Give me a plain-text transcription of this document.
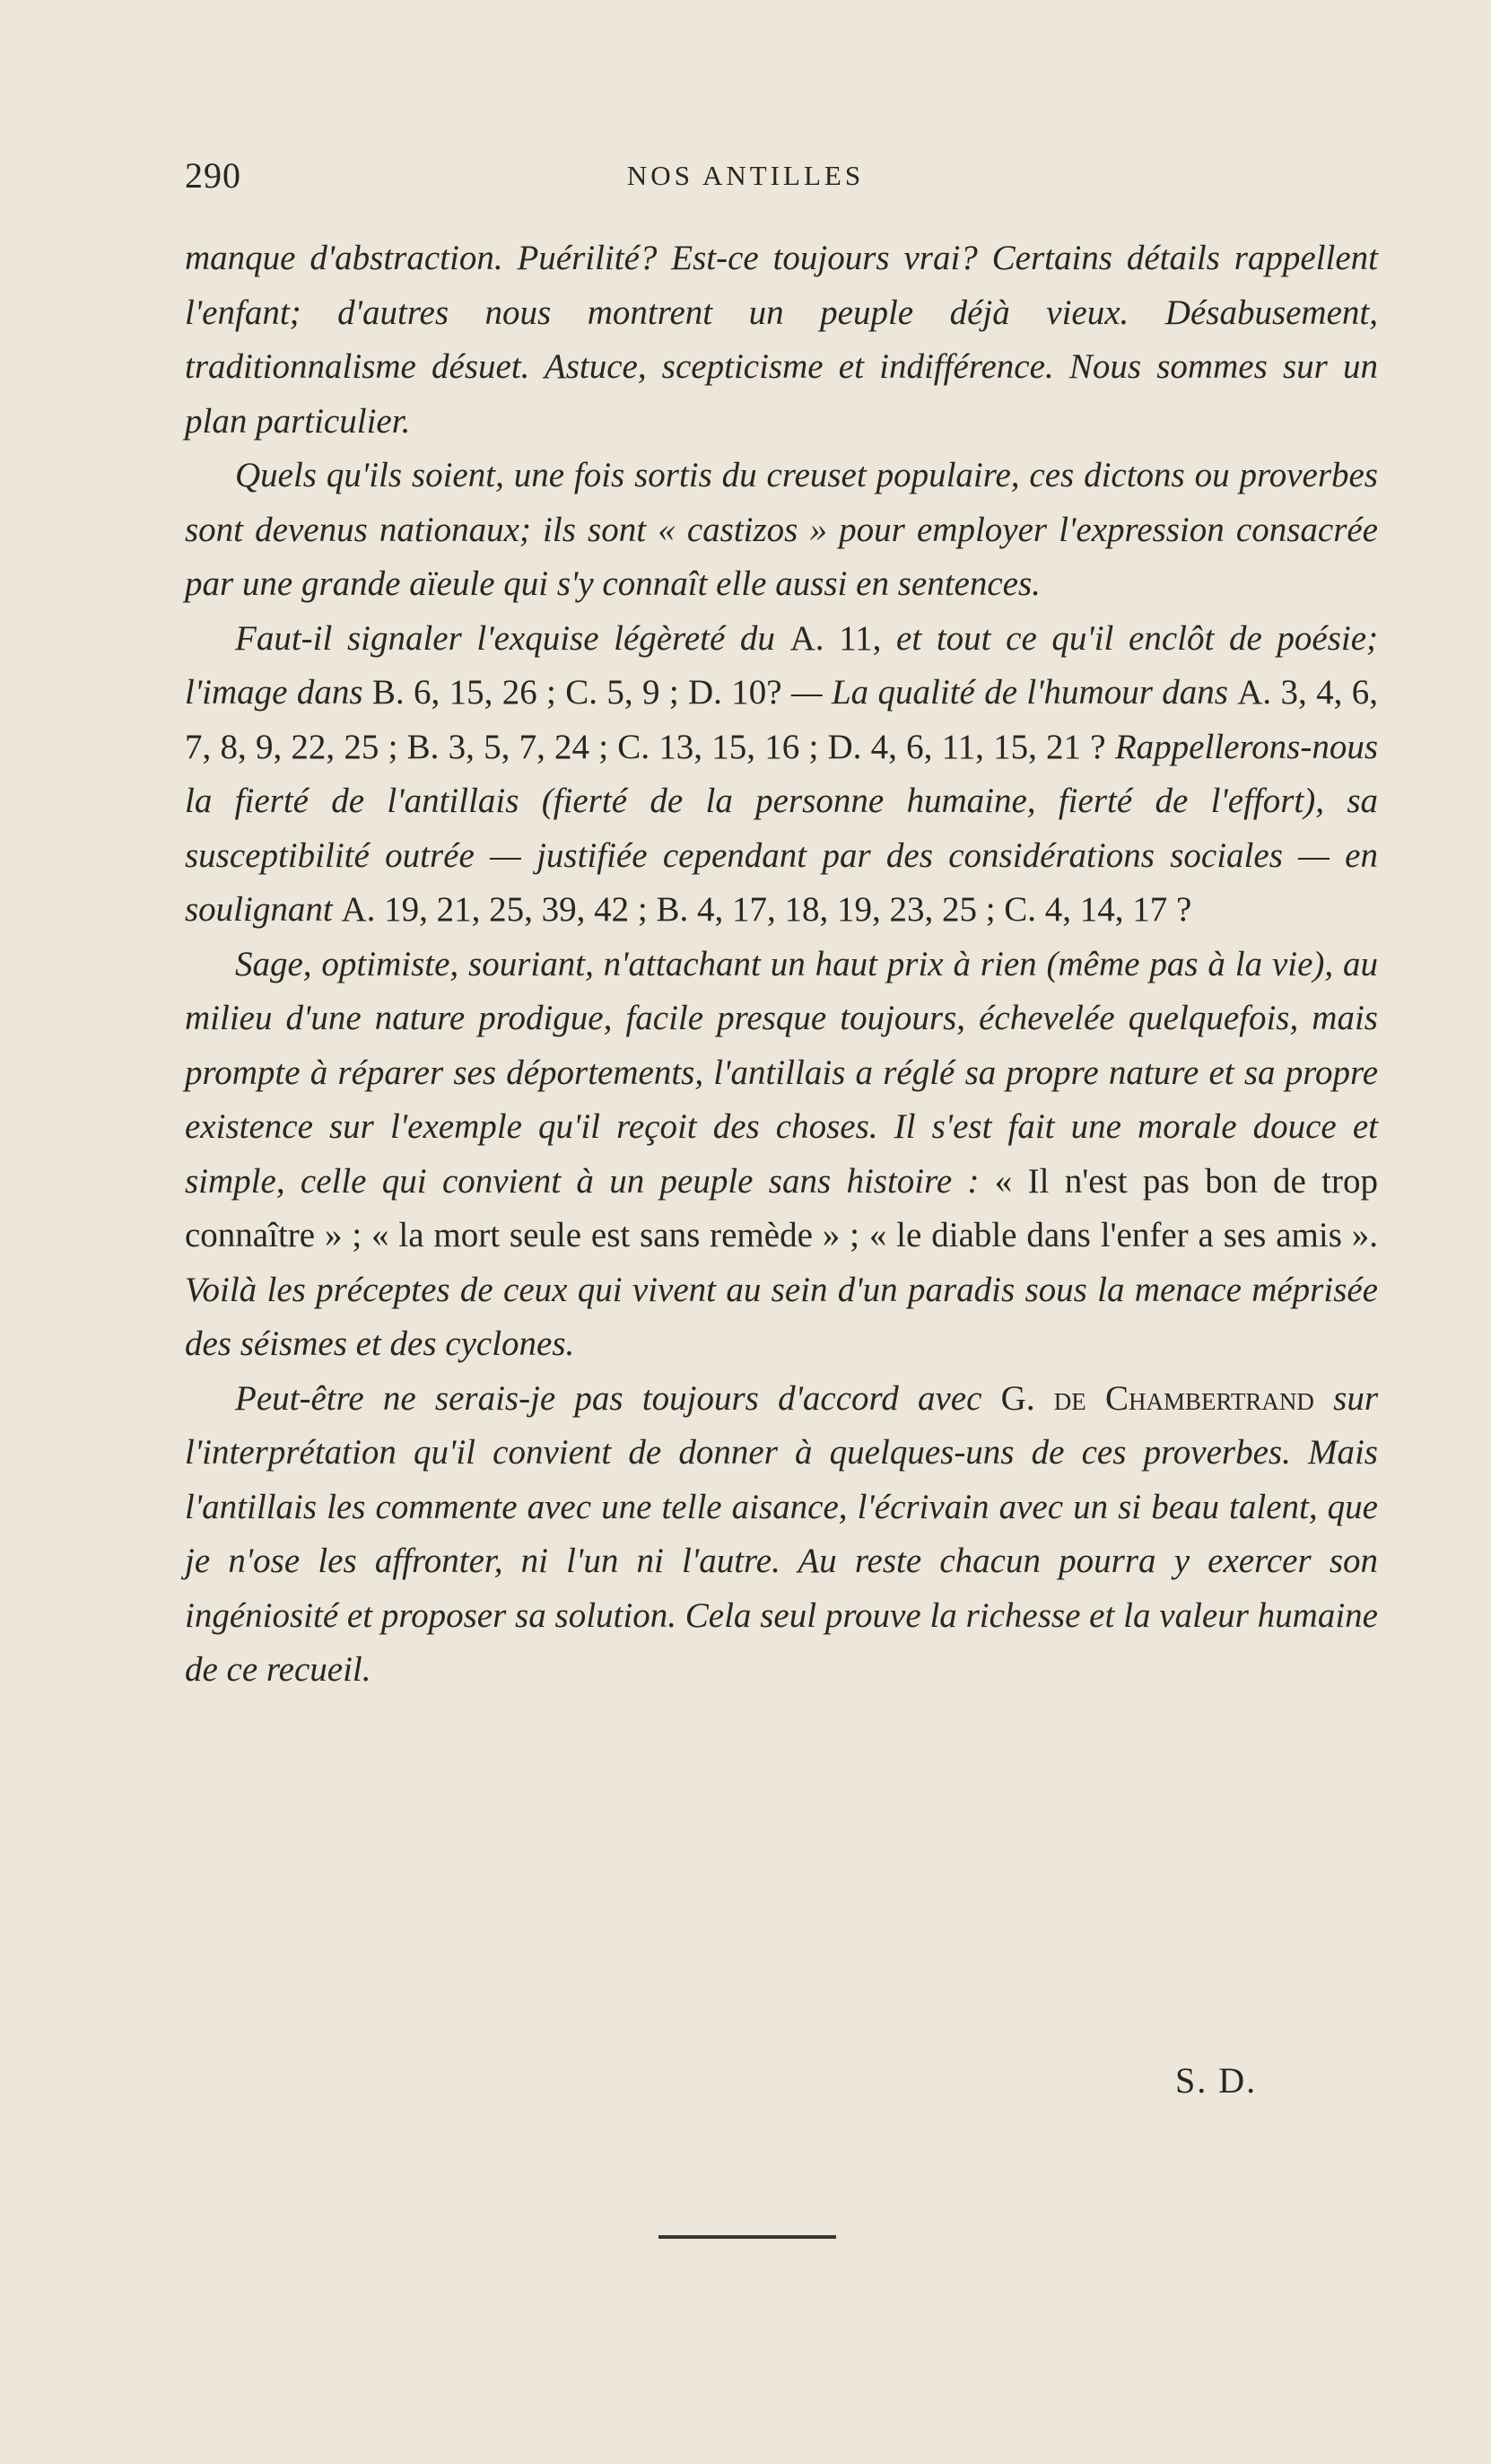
290	NOS ANTILLES

manque d'abstraction. Puérilité? Est-ce toujours vrai? Certains détails rappellent l'enfant; d'autres nous montrent un peuple déjà vieux. Désabusement, traditionnalisme désuet. Astuce, scepticisme et indifférence. Nous sommes sur un plan particulier.

Quels qu'ils soient, une fois sortis du creuset populaire, ces dictons ou proverbes sont devenus nationaux; ils sont « castizos » pour employer l'expression consacrée par une grande aïeule qui s'y connaît elle aussi en sentences.

Faut-il signaler l'exquise légèreté du A. 11, et tout ce qu'il enclôt de poésie; l'image dans B. 6, 15, 26 ; C. 5, 9 ; D. 10? — La qualité de l'humour dans A. 3, 4, 6, 7, 8, 9, 22, 25 ; B. 3, 5, 7, 24 ; C. 13, 15, 16 ; D. 4, 6, 11, 15, 21 ? Rappellerons-nous la fierté de l'antillais (fierté de la personne humaine, fierté de l'effort), sa susceptibilité outrée — justifiée cependant par des considérations sociales — en soulignant A. 19, 21, 25, 39, 42 ; B. 4, 17, 18, 19, 23, 25 ; C. 4, 14, 17 ?

Sage, optimiste, souriant, n'attachant un haut prix à rien (même pas à la vie), au milieu d'une nature prodigue, facile presque toujours, échevelée quelquefois, mais prompte à réparer ses déportements, l'antillais a réglé sa propre nature et sa propre existence sur l'exemple qu'il reçoit des choses. Il s'est fait une morale douce et simple, celle qui convient à un peuple sans histoire : « Il n'est pas bon de trop connaître » ; « la mort seule est sans remède » ; « le diable dans l'enfer a ses amis ». Voilà les préceptes de ceux qui vivent au sein d'un paradis sous la menace méprisée des séismes et des cyclones.

Peut-être ne serais-je pas toujours d'accord avec G. de Chambertrand sur l'interprétation qu'il convient de donner à quelques-uns de ces proverbes. Mais l'antillais les commente avec une telle aisance, l'écrivain avec un si beau talent, que je n'ose les affronter, ni l'un ni l'autre. Au reste chacun pourra y exercer son ingéniosité et proposer sa solution. Cela seul prouve la richesse et la valeur humaine de ce recueil.

S. D.
